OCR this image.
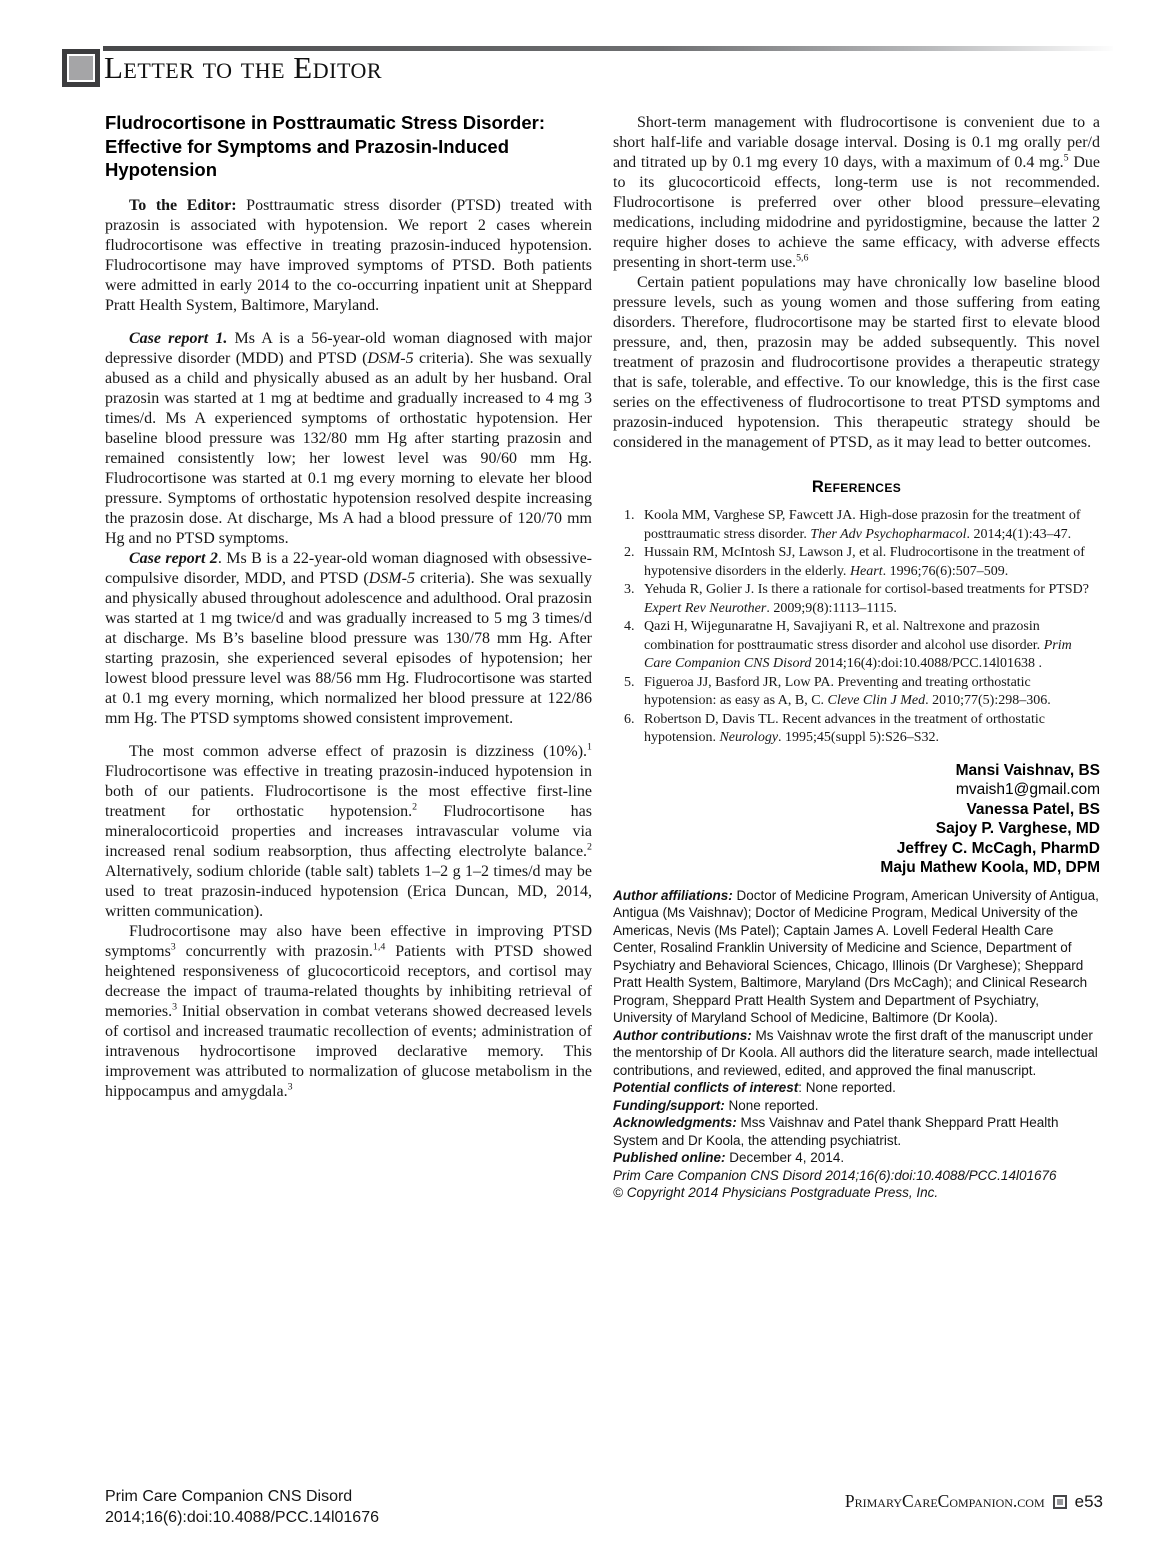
Letter to the Editor
Fludrocortisone in Posttraumatic Stress Disorder: Effective for Symptoms and Prazosin-Induced Hypotension

To the Editor: Posttraumatic stress disorder (PTSD) treated with prazosin is associated with hypotension. We report 2 cases wherein fludrocortisone was effective in treating prazosin-induced hypotension. Fludrocortisone may have improved symptoms of PTSD. Both patients were admitted in early 2014 to the co-occurring inpatient unit at Sheppard Pratt Health System, Baltimore, Maryland.

Case report 1. Ms A is a 56-year-old woman diagnosed with major depressive disorder (MDD) and PTSD (DSM-5 criteria). She was sexually abused as a child and physically abused as an adult by her husband. Oral prazosin was started at 1 mg at bedtime and gradually increased to 4 mg 3 times/d. Ms A experienced symptoms of orthostatic hypotension. Her baseline blood pressure was 132/80 mm Hg after starting prazosin and remained consistently low; her lowest level was 90/60 mm Hg. Fludrocortisone was started at 0.1 mg every morning to elevate her blood pressure. Symptoms of orthostatic hypotension resolved despite increasing the prazosin dose. At discharge, Ms A had a blood pressure of 120/70 mm Hg and no PTSD symptoms.

Case report 2. Ms B is a 22-year-old woman diagnosed with obsessive-compulsive disorder, MDD, and PTSD (DSM-5 criteria). She was sexually and physically abused throughout adolescence and adulthood. Oral prazosin was started at 1 mg twice/d and was gradually increased to 5 mg 3 times/d at discharge. Ms B’s baseline blood pressure was 130/78 mm Hg. After starting prazosin, she experienced several episodes of hypotension; her lowest blood pressure level was 88/56 mm Hg. Fludrocortisone was started at 0.1 mg every morning, which normalized her blood pressure at 122/86 mm Hg. The PTSD symptoms showed consistent improvement.

The most common adverse effect of prazosin is dizziness (10%).$^1$ Fludrocortisone was effective in treating prazosin-induced hypotension in both of our patients. Fludrocortisone is the most effective first-line treatment for orthostatic hypotension.$^2$ Fludrocortisone has mineralocorticoid properties and increases intravascular volume via increased renal sodium reabsorption, thus affecting electrolyte balance.$^2$ Alternatively, sodium chloride (table salt) tablets 1–2 g 1–2 times/d may be used to treat prazosin-induced hypotension (Erica Duncan, MD, 2014, written communication).

Fludrocortisone may also have been effective in improving PTSD symptoms$^3$ concurrently with prazosin.$^{1,4}$ Patients with PTSD showed heightened responsiveness of glucocorticoid receptors, and cortisol may decrease the impact of trauma-related thoughts by inhibiting retrieval of memories.$^3$ Initial observation in combat veterans showed decreased levels of cortisol and increased traumatic recollection of events; administration of intravenous hydrocortisone improved declarative memory. This improvement was attributed to normalization of glucose metabolism in the hippocampus and amygdala.$^3$

Short-term management with fludrocortisone is convenient due to a short half-life and variable dosage interval. Dosing is 0.1 mg orally per/d and titrated up by 0.1 mg every 10 days, with a maximum of 0.4 mg.$^5$ Due to its glucocorticoid effects, long-term use is not recommended. Fludrocortisone is preferred over other blood pressure–elevating medications, including midodrine and pyridostigmine, because the latter 2 require higher doses to achieve the same efficacy, with adverse effects presenting in short-term use.$^{5,6}$

Certain patient populations may have chronically low baseline blood pressure levels, such as young women and those suffering from eating disorders. Therefore, fludrocortisone may be started first to elevate blood pressure, and, then, prazosin may be added subsequently. This novel treatment of prazosin and fludrocortisone provides a therapeutic strategy that is safe, tolerable, and effective. To our knowledge, this is the first case series on the effectiveness of fludrocortisone to treat PTSD symptoms and prazosin-induced hypotension. This therapeutic strategy should be considered in the management of PTSD, as it may lead to better outcomes.

References
1. Koola MM, Varghese SP, Fawcett JA. High-dose prazosin for the treatment of posttraumatic stress disorder. Ther Adv Psychopharmacol. 2014;4(1):43–47.
2. Hussain RM, McIntosh SJ, Lawson J, et al. Fludrocortisone in the treatment of hypotensive disorders in the elderly. Heart. 1996;76(6):507–509.
3. Yehuda R, Golier J. Is there a rationale for cortisol-based treatments for PTSD? Expert Rev Neurother. 2009;9(8):1113–1115.
4. Qazi H, Wijegunaratne H, Savajiyani R, et al. Naltrexone and prazosin combination for posttraumatic stress disorder and alcohol use disorder. Prim Care Companion CNS Disord 2014;16(4):doi:10.4088/PCC.14l01638 .
5. Figueroa JJ, Basford JR, Low PA. Preventing and treating orthostatic hypotension: as easy as A, B, C. Cleve Clin J Med. 2010;77(5):298–306.
6. Robertson D, Davis TL. Recent advances in the treatment of orthostatic hypotension. Neurology. 1995;45(suppl 5):S26–S32.
Mansi Vaishnav, BS
mvaish1@gmail.com
Vanessa Patel, BS
Sajoy P. Varghese, MD
Jeffrey C. McCagh, PharmD
Maju Mathew Koola, MD, DPM

Author affiliations: Doctor of Medicine Program, American University of Antigua, Antigua (Ms Vaishnav); Doctor of Medicine Program, Medical University of the Americas, Nevis (Ms Patel); Captain James A. Lovell Federal Health Care Center, Rosalind Franklin University of Medicine and Science, Department of Psychiatry and Behavioral Sciences, Chicago, Illinois (Dr Varghese); Sheppard Pratt Health System, Baltimore, Maryland (Drs McCagh); and Clinical Research Program, Sheppard Pratt Health System and Department of Psychiatry, University of Maryland School of Medicine, Baltimore (Dr Koola).

Author contributions: Ms Vaishnav wrote the first draft of the manuscript under the mentorship of Dr Koola. All authors did the literature search, made intellectual contributions, and reviewed, edited, and approved the final manuscript.

Potential conflicts of interest: None reported.

Funding/support: None reported.

Acknowledgments: Mss Vaishnav and Patel thank Sheppard Pratt Health System and Dr Koola, the attending psychiatrist.

Published online: December 4, 2014.

Prim Care Companion CNS Disord 2014;16(6):doi:10.4088/PCC.14l01676

© Copyright 2014 Physicians Postgraduate Press, Inc.

Prim Care Companion CNS Disord
2014;16(6):doi:10.4088/PCC.14l01676
PrimaryCareCompanion.com e53
